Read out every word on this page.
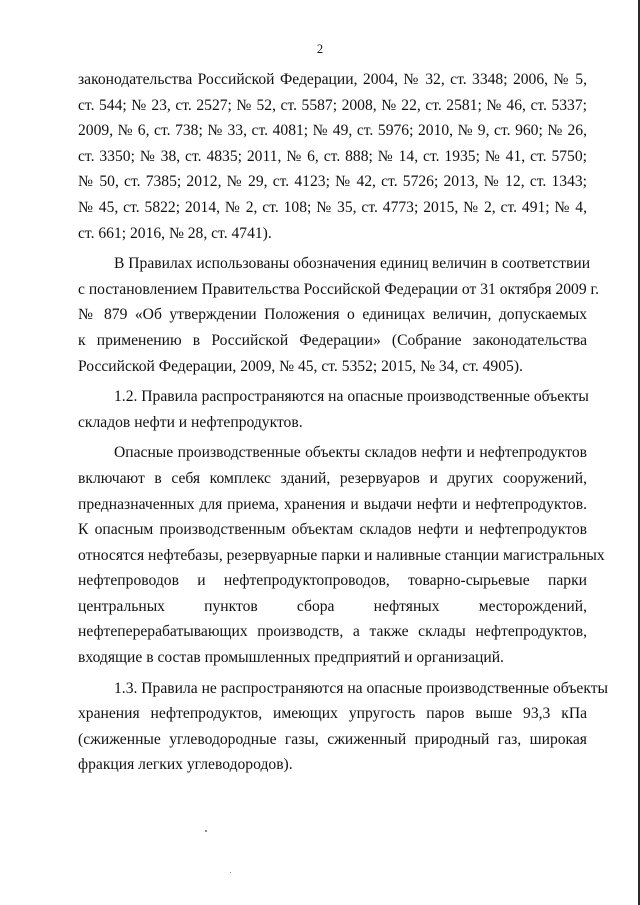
2
законодательства Российской Федерации, 2004, № 32, ст. 3348; 2006, № 5,
ст. 544; № 23, ст. 2527; № 52, ст. 5587; 2008, № 22, ст. 2581; № 46, ст. 5337;
2009, № 6, ст. 738; № 33, ст. 4081; № 49, ст. 5976; 2010, № 9, ст. 960; № 26,
ст. 3350; № 38, ст. 4835; 2011, № 6, ст. 888; № 14, ст. 1935; № 41, ст. 5750;
№ 50, ст. 7385; 2012, № 29, ст. 4123; № 42, ст. 5726; 2013, № 12, ст. 1343;
№ 45, ст. 5822; 2014, № 2, ст. 108; № 35, ст. 4773; 2015, № 2, ст. 491; № 4,
ст. 661; 2016, № 28, ст. 4741).
В Правилах использованы обозначения единиц величин в соответствии
с постановлением Правительства Российской Федерации от 31 октября 2009 г.
№ 879 «Об утверждении Положения о единицах величин, допускаемых
к применению в Российской Федерации» (Собрание законодательства
Российской Федерации, 2009, № 45, ст. 5352; 2015, № 34, ст. 4905).
1.2. Правила распространяются на опасные производственные объекты
складов нефти и нефтепродуктов.
Опасные производственные объекты складов нефти и нефтепродуктов
включают в себя комплекс зданий, резервуаров и других сооружений,
предназначенных для приема, хранения и выдачи нефти и нефтепродуктов.
К опасным производственным объектам складов нефти и нефтепродуктов
относятся нефтебазы, резервуарные парки и наливные станции магистральных
нефтепроводов и нефтепродуктопроводов, товарно-сырьевые парки
центральных пунктов сбора нефтяных месторождений,
нефтеперерабатывающих производств, а также склады нефтепродуктов,
входящие в состав промышленных предприятий и организаций.
1.3. Правила не распространяются на опасные производственные объекты
хранения нефтепродуктов, имеющих упругость паров выше 93,3 кПа
(сжиженные углеводородные газы, сжиженный природный газ, широкая
фракция легких углеводородов).
